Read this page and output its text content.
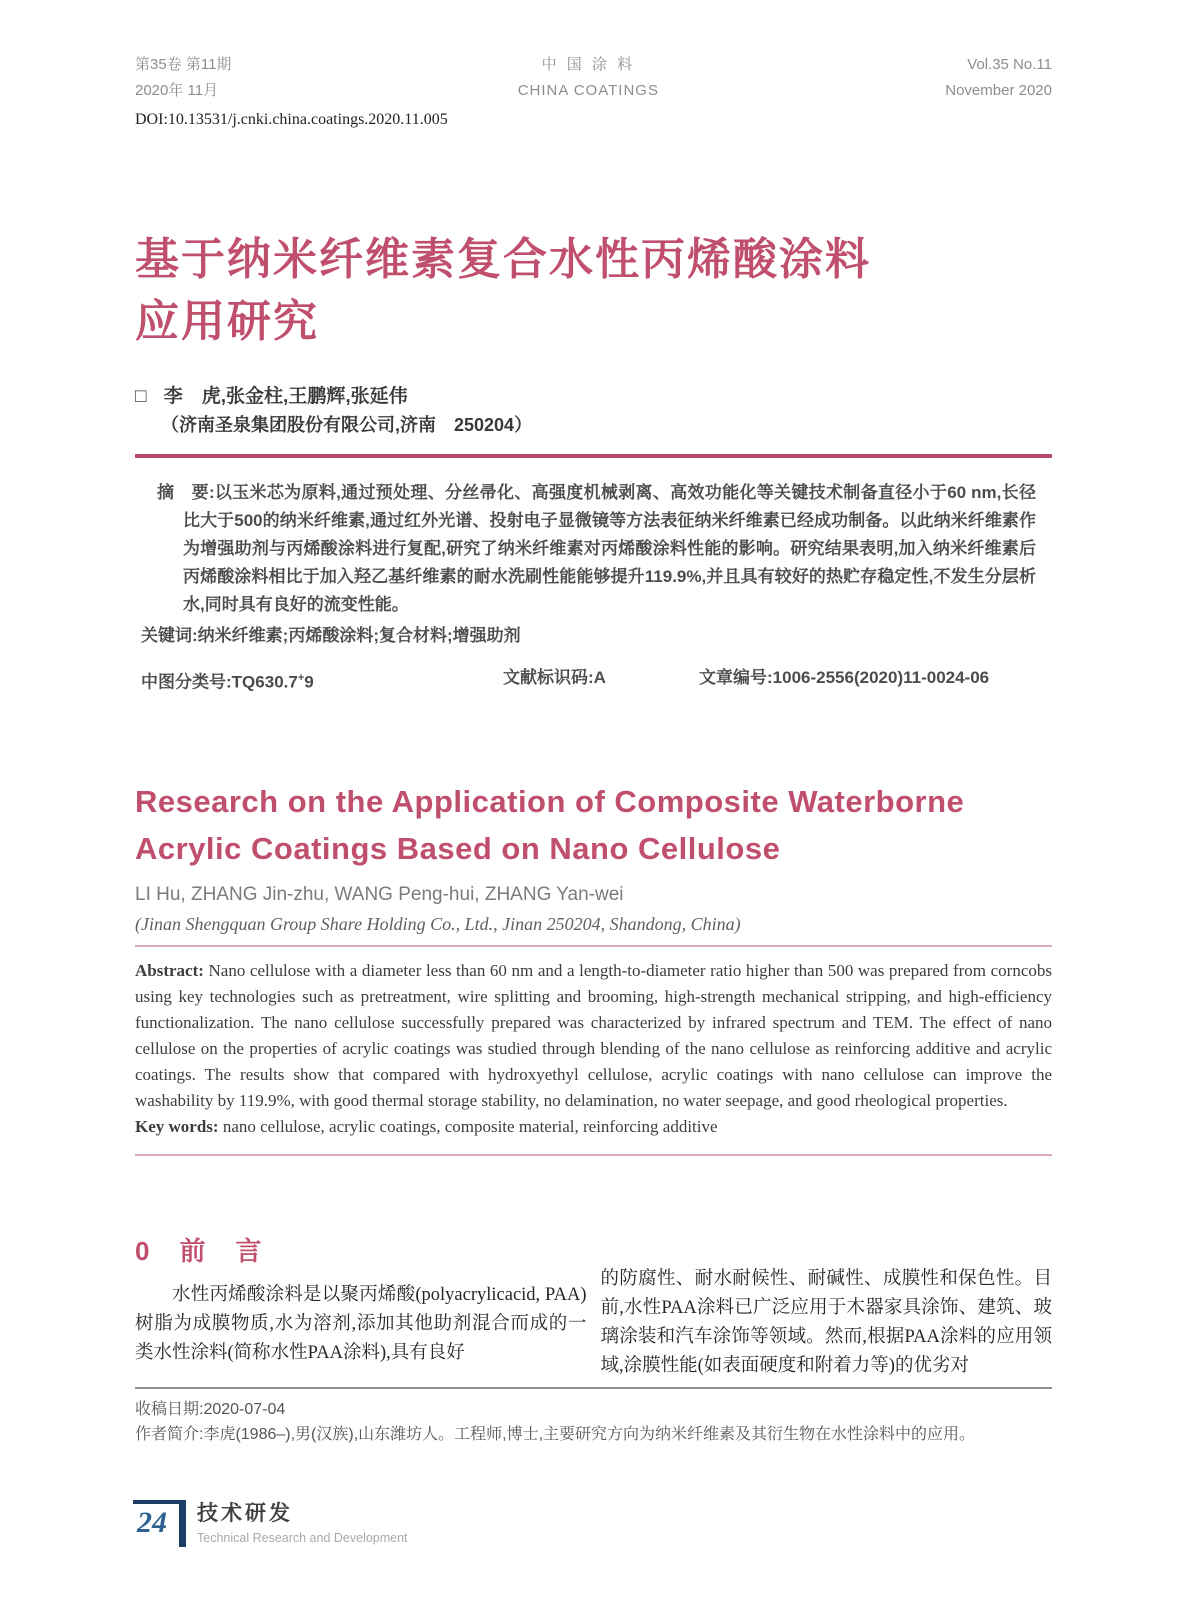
第35卷 第11期
2020年 11月
中 国 涂 料
CHINA COATINGS
Vol.35 No.11
November 2020
DOI:10.13531/j.cnki.china.coatings.2020.11.005
基于纳米纤维素复合水性丙烯酸涂料
应用研究
□ 李　虎,张金柱,王鹏辉,张延伟
（济南圣泉集团股份有限公司,济南　250204）

摘　要:以玉米芯为原料,通过预处理、分丝帚化、高强度机械剥离、高效功能化等关键技术制备直径小于60 nm,长径比大于500的纳米纤维素,通过红外光谱、投射电子显微镜等方法表征纳米纤维素已经成功制备。以此纳米纤维素作为增强助剂与丙烯酸涂料进行复配,研究了纳米纤维素对丙烯酸涂料性能的影响。研究结果表明,加入纳米纤维素后丙烯酸涂料相比于加入羟乙基纤维素的耐水洗刷性能能够提升119.9%,并且具有较好的热贮存稳定性,不发生分层析水,同时具有良好的流变性能。

关键词:纳米纤维素;丙烯酸涂料;复合材料;增强助剂

中图分类号:TQ630.7+9	文献标识码:A	文章编号:1006-2556(2020)11-0024-06
Research on the Application of Composite Waterborne
Acrylic Coatings Based on Nano Cellulose
LI Hu, ZHANG Jin-zhu, WANG Peng-hui, ZHANG Yan-wei
(Jinan Shengquan Group Share Holding Co., Ltd., Jinan 250204, Shandong, China)

Abstract: Nano cellulose with a diameter less than 60 nm and a length-to-diameter ratio higher than 500 was prepared from corncobs using key technologies such as pretreatment, wire splitting and brooming, high-strength mechanical stripping, and high-efficiency functionalization. The nano cellulose successfully prepared was characterized by infrared spectrum and TEM. The effect of nano cellulose on the properties of acrylic coatings was studied through blending of the nano cellulose as reinforcing additive and acrylic coatings. The results show that compared with hydroxyethyl cellulose, acrylic coatings with nano cellulose can improve the washability by 119.9%, with good thermal storage stability, no delamination, no water seepage, and good rheological properties.

Key words: nano cellulose, acrylic coatings, composite material, reinforcing additive

0　前　言

水性丙烯酸涂料是以聚丙烯酸(polyacrylicacid, PAA)树脂为成膜物质,水为溶剂,添加其他助剂混合而成的一类水性涂料(简称水性PAA涂料),具有良好

的防腐性、耐水耐候性、耐碱性、成膜性和保色性。目前,水性PAA涂料已广泛应用于木器家具涂饰、建筑、玻璃涂装和汽车涂饰等领域。然而,根据PAA涂料的应用领域,涂膜性能(如表面硬度和附着力等)的优劣对

收稿日期:2020-07-04
作者简介:李虎(1986–),男(汉族),山东潍坊人。工程师,博士,主要研究方向为纳米纤维素及其衍生物在水性涂料中的应用。
24	技术研发
Technical Research and Development
